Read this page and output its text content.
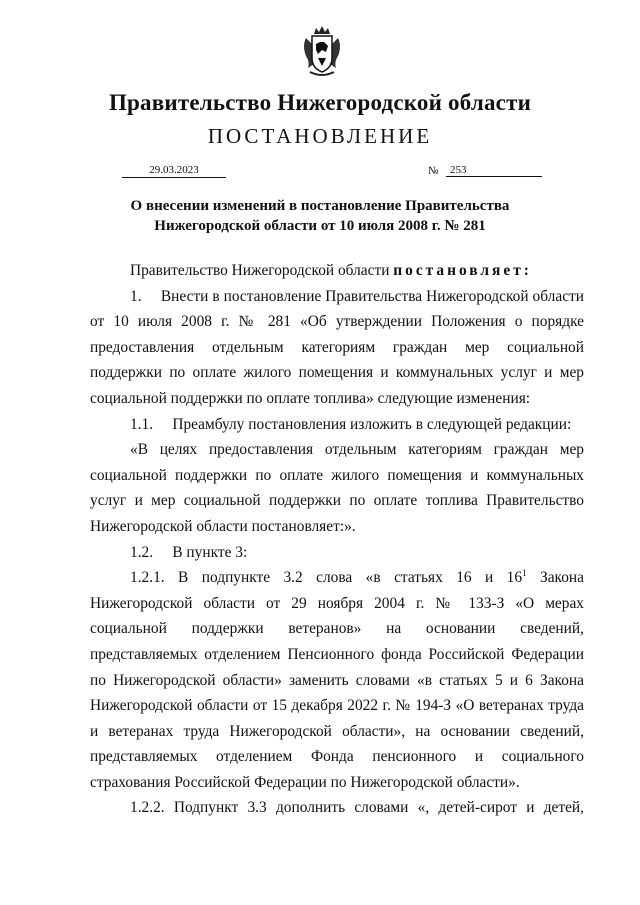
Правительство Нижегородской области
ПОСТАНОВЛЕНИЕ
29.03.2023	№	253
О внесении изменений в постановление Правительства
Нижегородской области от 10 июля 2008 г. № 281

Правительство Нижегородской области постановляет:

1.  Внести в постановление Правительства Нижегородской области от 10 июля 2008 г. № 281 «Об утверждении Положения о порядке предоставления отдельным категориям граждан мер социальной поддержки по оплате жилого помещения и коммунальных услуг и мер социальной поддержки по оплате топлива» следующие изменения:

1.1.  Преамбулу постановления изложить в следующей редакции:

«В целях предоставления отдельным категориям граждан мер социальной поддержки по оплате жилого помещения и коммунальных услуг и мер социальной поддержки по оплате топлива Правительство Нижегородской области постановляет:».

1.2.  В пункте 3:

1.2.1. В подпункте 3.2 слова «в статьях 16 и $16^1$ Закона Нижегородской области от 29 ноября 2004 г. № 133-З «О мерах социальной поддержки ветеранов» на основании сведений, представляемых отделением Пенсионного фонда Российской Федерации по Нижегородской области» заменить словами «в статьях 5 и 6 Закона Нижегородской области от 15 декабря 2022 г. № 194-З «О ветеранах труда и ветеранах труда Нижегородской области», на основании сведений, представляемых отделением Фонда пенсионного и социального страхования Российской Федерации по Нижегородской области».

1.2.2. Подпункт 3.3 дополнить словами «, детей-сирот и детей,
